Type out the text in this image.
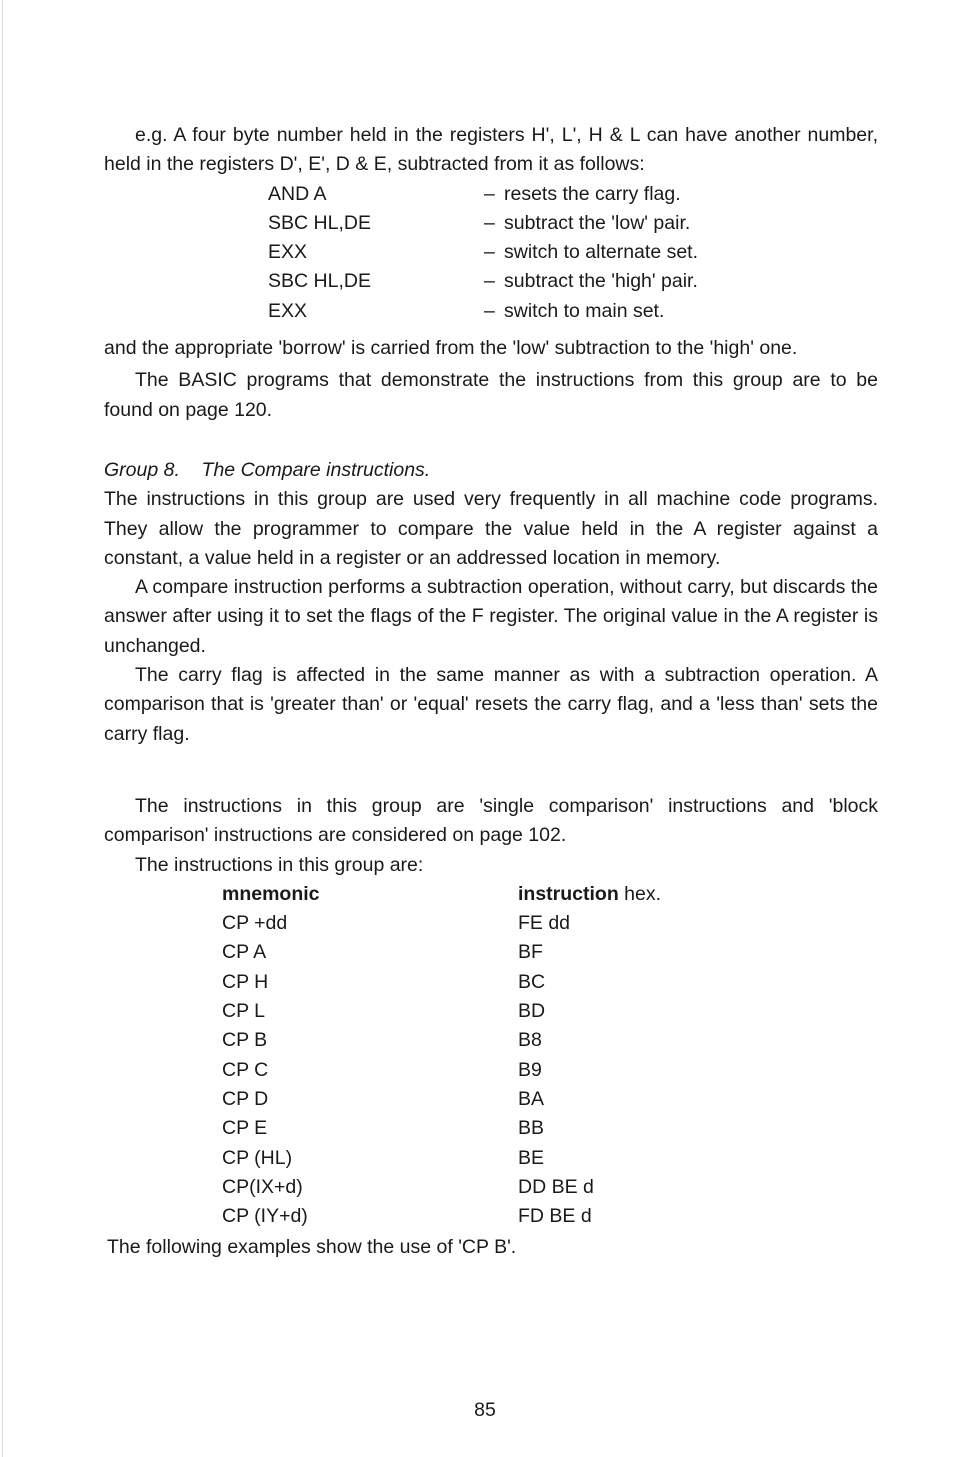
e.g. A four byte number held in the registers H', L', H & L can have another number, held in the registers D', E', D & E, subtracted from it as follows:

AND A	–	resets the carry flag.
SBC HL,DE	–	subtract the 'low' pair.
EXX	–	switch to alternate set.
SBC HL,DE	–	subtract the 'high' pair.
EXX	–	switch to main set.

and the appropriate 'borrow' is carried from the 'low' subtraction to the 'high' one.

The BASIC programs that demonstrate the instructions from this group are to be found on page 120.

Group 8.    The Compare instructions.

The instructions in this group are used very frequently in all machine code programs. They allow the programmer to compare the value held in the A register against a constant, a value held in a register or an addressed location in memory.

A compare instruction performs a subtraction operation, without carry, but discards the answer after using it to set the flags of the F register. The original value in the A register is unchanged.

The carry flag is affected in the same manner as with a subtraction operation. A comparison that is 'greater than' or 'equal' resets the carry flag, and a 'less than' sets the carry flag.

The instructions in this group are 'single comparison' instructions and 'block comparison' instructions are considered on page 102.

The instructions in this group are:

mnemonic	instruction hex.
CP +dd	FE dd
CP A	BF
CP H	BC
CP L	BD
CP B	B8
CP C	B9
CP D	BA
CP E	BB
CP (HL)	BE
CP(IX+d)	DD BE d
CP (IY+d)	FD BE d

The following examples show the use of 'CP B'.

85
